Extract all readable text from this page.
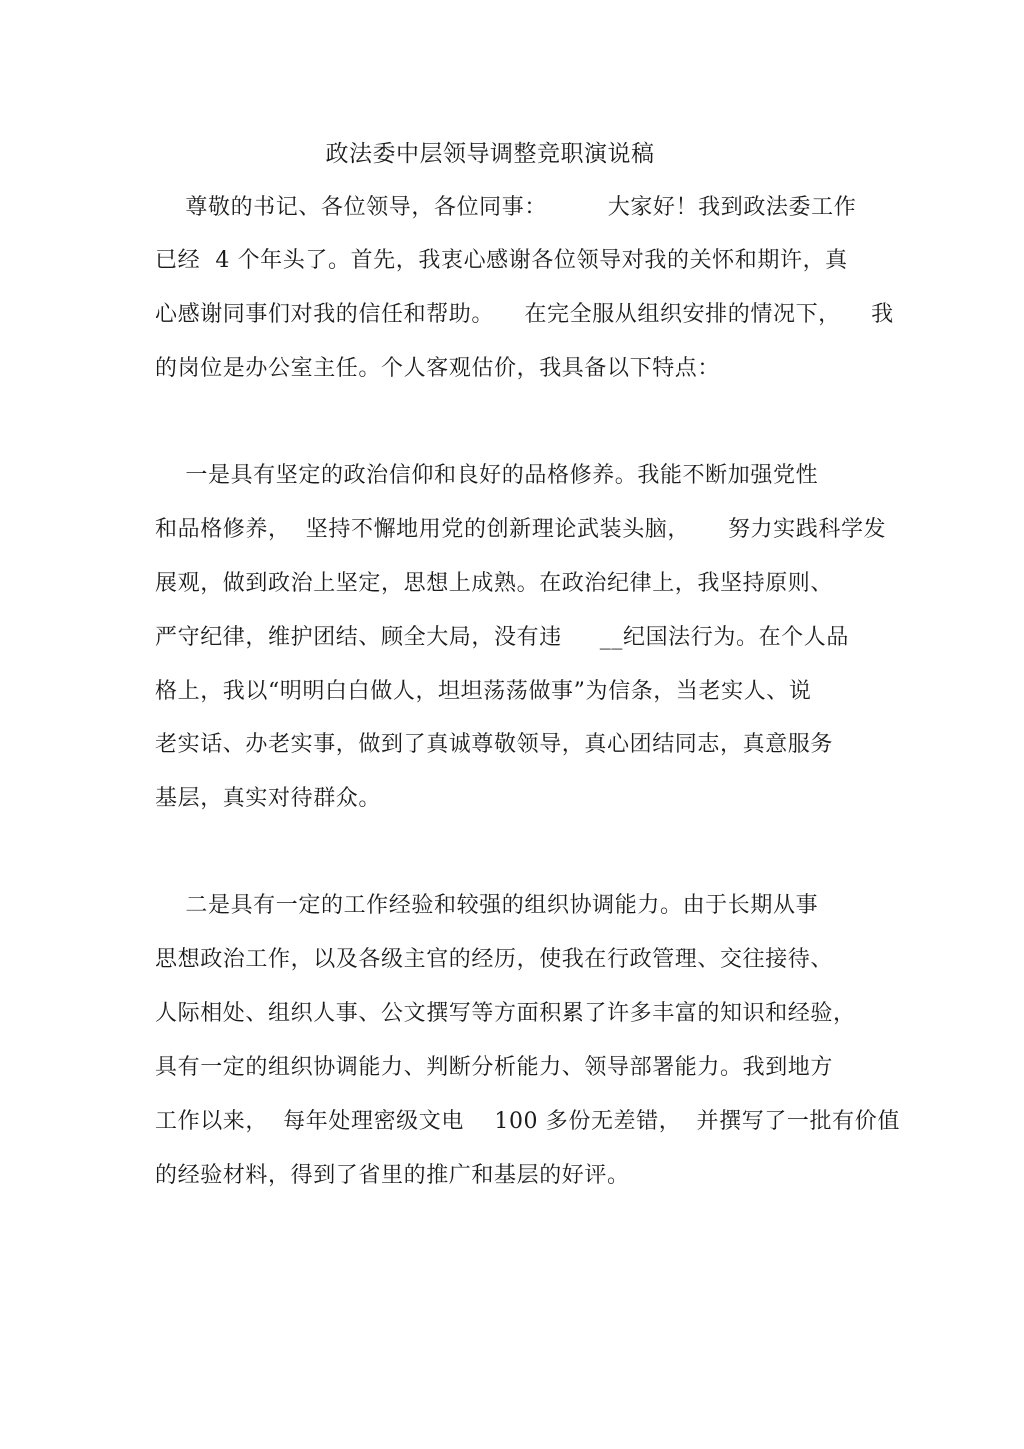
政法委中层领导调整竞职演说稿
尊敬的书记、各位领导，各位同事：        大家好！我到政法委工作
已经  4 个年头了。首先，我衷心感谢各位领导对我的关怀和期许，真
心感谢同事们对我的信任和帮助。    在完全服从组织安排的情况下，    我
的岗位是办公室主任。个人客观估价，我具备以下特点：
一是具有坚定的政治信仰和良好的品格修养。我能不断加强党性
和品格修养，  坚持不懈地用党的创新理论武装头脑，     努力实践科学发
展观，做到政治上坚定，思想上成熟。在政治纪律上，我坚持原则、
严守纪律，维护团结、顾全大局，没有违     __纪国法行为。在个人品
格上，我以“明明白白做人，坦坦荡荡做事”为信条，当老实人、说
老实话、办老实事，做到了真诚尊敬领导，真心团结同志，真意服务
基层，真实对待群众。
二是具有一定的工作经验和较强的组织协调能力。由于长期从事
思想政治工作，以及各级主官的经历，使我在行政管理、交往接待、
人际相处、组织人事、公文撰写等方面积累了许多丰富的知识和经验，
具有一定的组织协调能力、判断分析能力、领导部署能力。我到地方
工作以来，  每年处理密级文电    100 多份无差错，  并撰写了一批有价值
的经验材料，得到了省里的推广和基层的好评。
